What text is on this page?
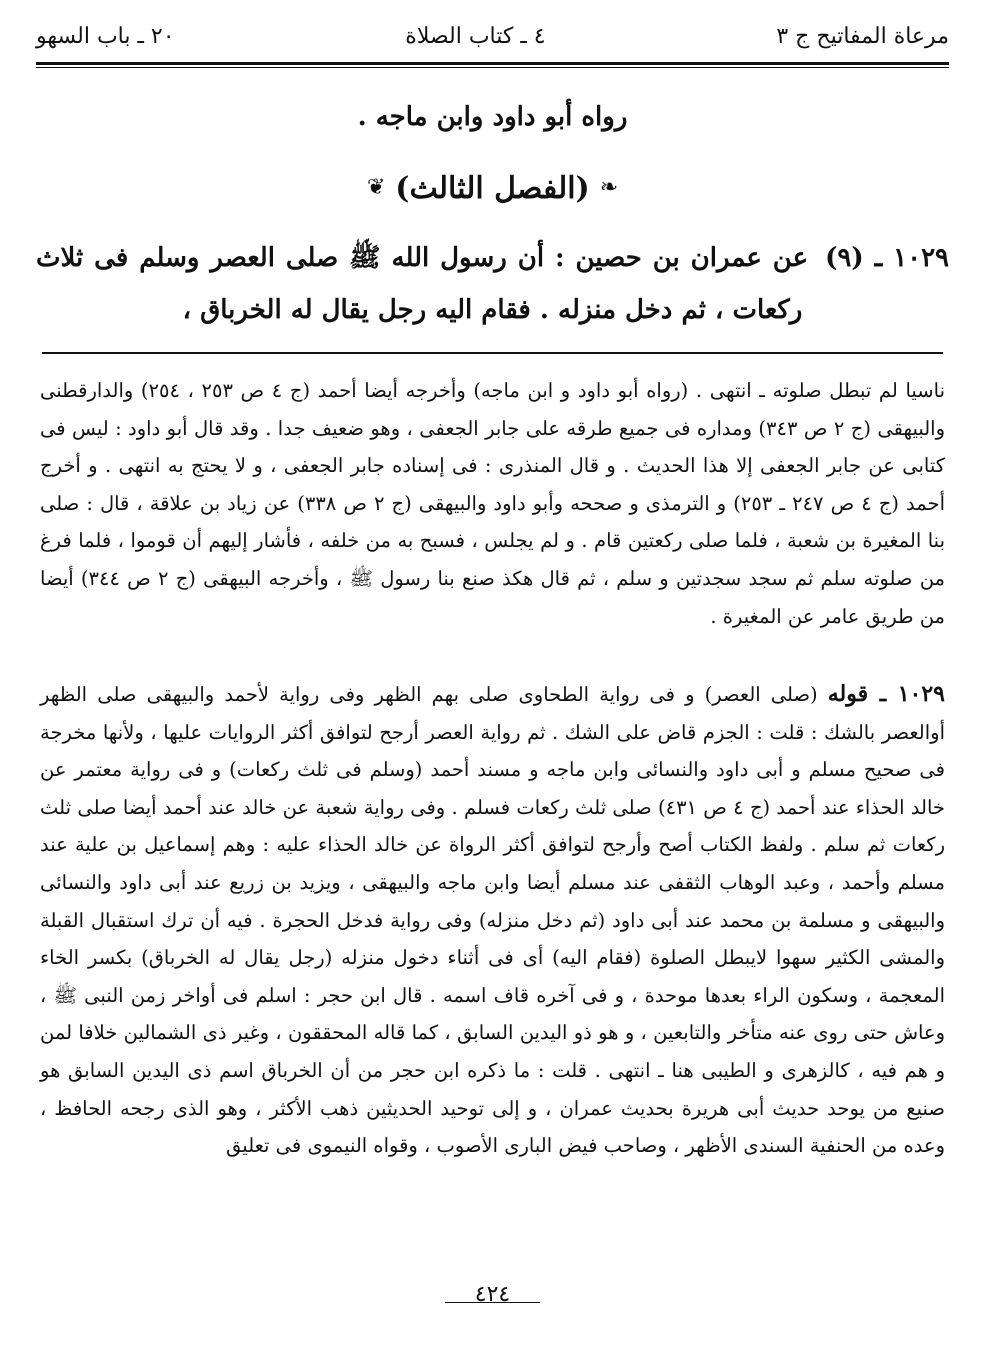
٢٠ ـ باب السهو	٤ ـ كتاب الصلاة	مرعاة المفاتيح ج ٣
رواه أبو داود وابن ماجه .
❦ (الفصل الثالث) ❧
١٠٢٩ ـ (٩) عن عمران بن حصين : أن رسول الله ﷺ صلى العصر وسلم فى ثلاث ركعات ، ثم دخل منزله . فقام اليه رجل يقال له الخرباق ،
ناسيا لم تبطل صلوته ـ انتهى . (رواه أبو داود و ابن ماجه) وأخرجه أيضا أحمد (ج ٤ ص ٢٥٣ ، ٢٥٤) والدارقطنى والبيهقى (ج ٢ ص ٣٤٣) ومداره فى جميع طرقه على جابر الجعفى ، وهو ضعيف جدا . وقد قال أبو داود : ليس فى كتابى عن جابر الجعفى إلا هذا الحديث . و قال المنذرى : فى إسناده جابر الجعفى ، و لا يحتج به انتهى . و أخرج أحمد (ج ٤ ص ٢٤٧ ـ ٢٥٣) و الترمذى و صححه وأبو داود والبيهقى (ج ٢ ص ٣٣٨) عن زياد بن علاقة ، قال : صلى بنا المغيرة بن شعبة ، فلما صلى ركعتين قام . و لم يجلس ، فسبح به من خلفه ، فأشار إليهم أن قوموا ، فلما فرغ من صلوته سلم ثم سجد سجدتين و سلم ، ثم قال هكذ صنع بنا رسول ﷺ ، وأخرجه البيهقى (ج ٢ ص ٣٤٤) أيضا من طريق عامر عن المغيرة .
١٠٢٩ ـ قوله (صلى العصر) و فى رواية الطحاوى صلى بهم الظهر وفى رواية لأحمد والبيهقى صلى الظهر أوالعصر بالشك : قلت : الجزم قاض على الشك . ثم رواية العصر أرجح لتوافق أكثر الروايات عليها ، ولأنها مخرجة فى صحيح مسلم و أبى داود والنسائى وابن ماجه و مسند أحمد (وسلم فى ثلث ركعات) و فى رواية معتمر عن خالد الحذاء عند أحمد (ج ٤ ص ٤٣١) صلى ثلث ركعات فسلم . وفى رواية شعبة عن خالد عند أحمد أيضا صلى ثلث ركعات ثم سلم . ولفظ الكتاب أصح وأرجح لتوافق أكثر الرواة عن خالد الحذاء عليه : وهم إسماعيل بن علية عند مسلم وأحمد ، وعبد الوهاب الثقفى عند مسلم أيضا وابن ماجه والبيهقى ، ويزيد بن زريع عند أبى داود والنسائى والبيهقى و مسلمة بن محمد عند أبى داود (ثم دخل منزله) وفى رواية فدخل الحجرة . فيه أن ترك استقبال القبلة والمشى الكثير سهوا لايبطل الصلوة (فقام اليه) أى فى أثناء دخول منزله (رجل يقال له الخرباق) بكسر الخاء المعجمة ، وسكون الراء بعدها موحدة ، و فى آخره قاف اسمه . قال ابن حجر : اسلم فى أواخر زمن النبى ﷺ ، وعاش حتى روى عنه متأخر والتابعين ، و هو ذو اليدين السابق ، كما قاله المحققون ، وغير ذى الشمالين خلافا لمن و هم فيه ، كالزهرى و الطيبى هنا ـ انتهى . قلت : ما ذكره ابن حجر من أن الخرباق اسم ذى اليدين السابق هو صنيع من يوحد حديث أبى هريرة بحديث عمران ، و إلى توحيد الحديثين ذهب الأكثر ، وهو الذى رجحه الحافظ ، وعده من الحنفية السندى الأظهر ، وصاحب فيض البارى الأصوب ، وقواه النيموى فى تعليق
٤٢٤
